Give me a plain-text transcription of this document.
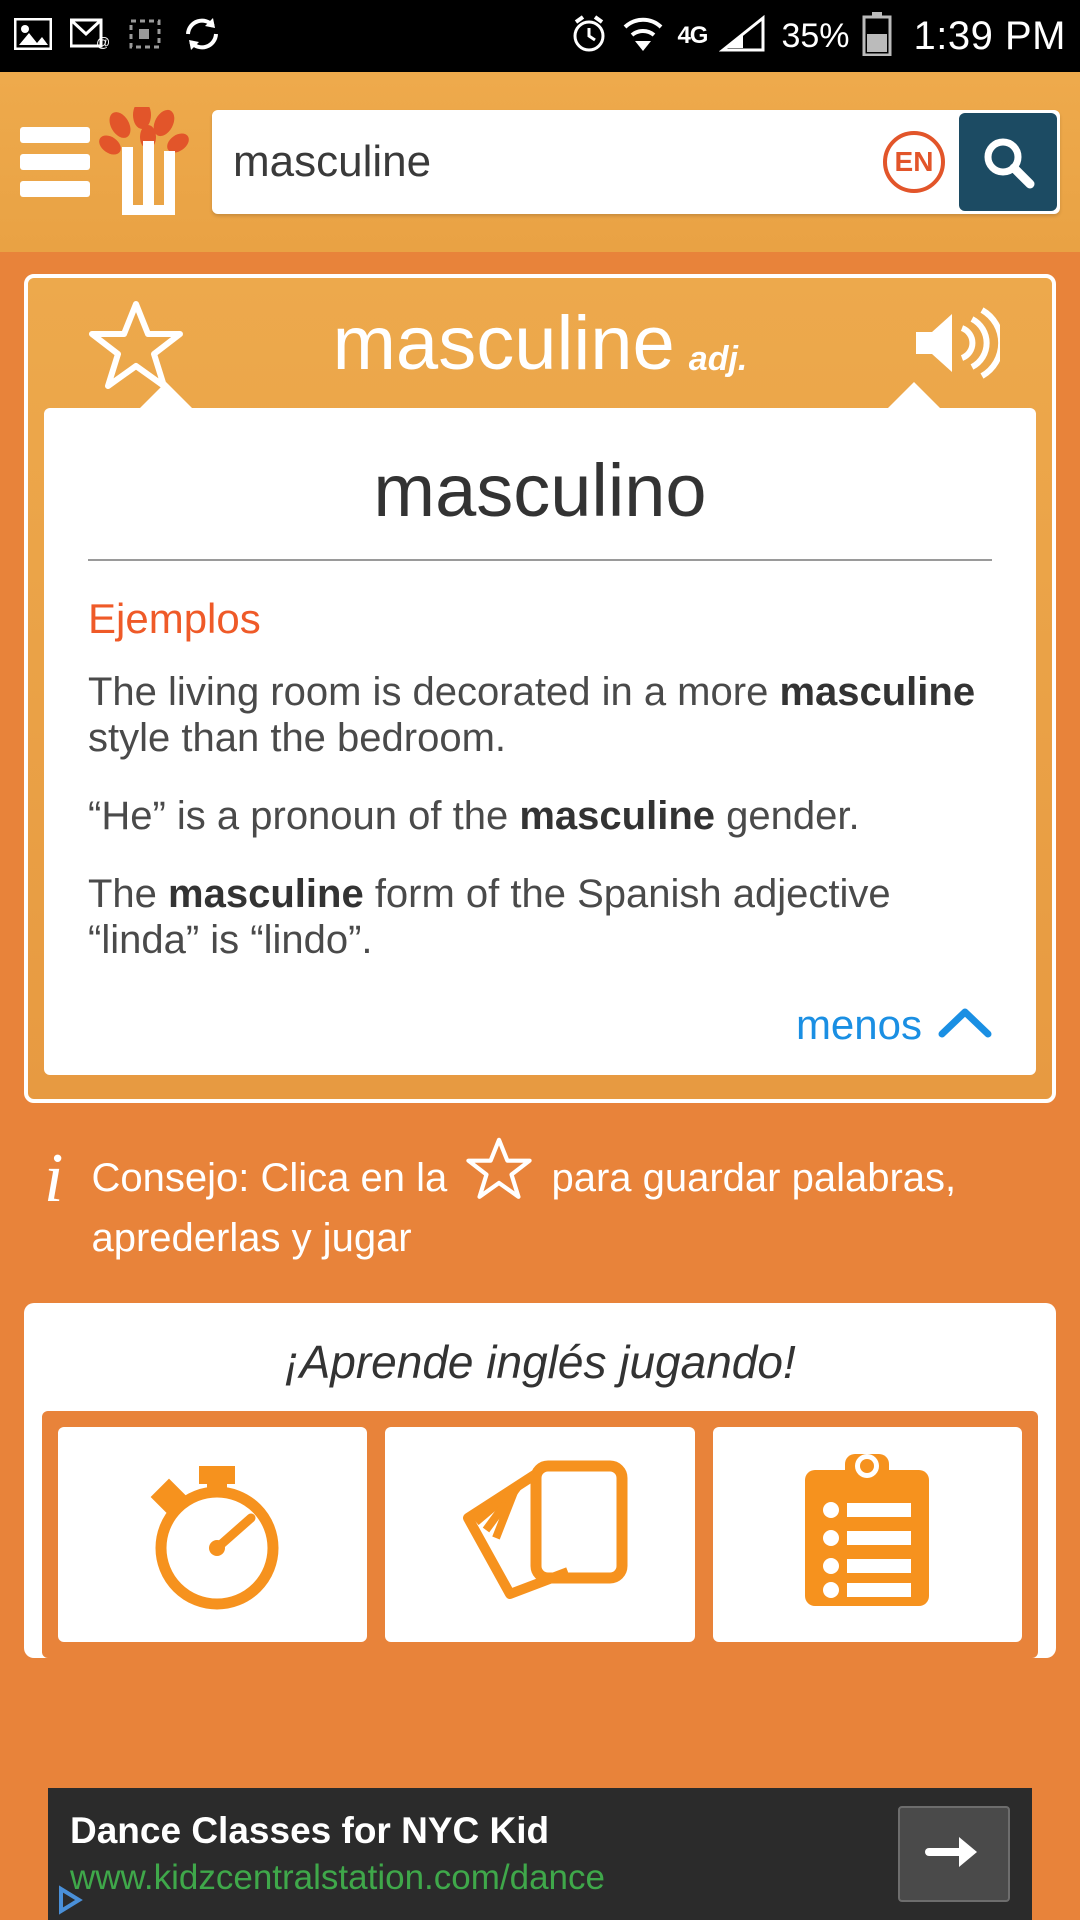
@	4G 35% 1:39 PM
masculine
EN
masculine adj.
masculino
Ejemplos
The living room is decorated in a more masculine style than the bedroom.
“He” is a pronoun of the masculine gender.
The masculine form of the Spanish adjective “linda” is “lindo”.
menos
i Consejo: Clica en la	para guardar palabras, aprederlas y jugar
¡Aprende inglés jugando!
Dance Classes for NYC Kid
www.kidzcentralstation.com/dance
